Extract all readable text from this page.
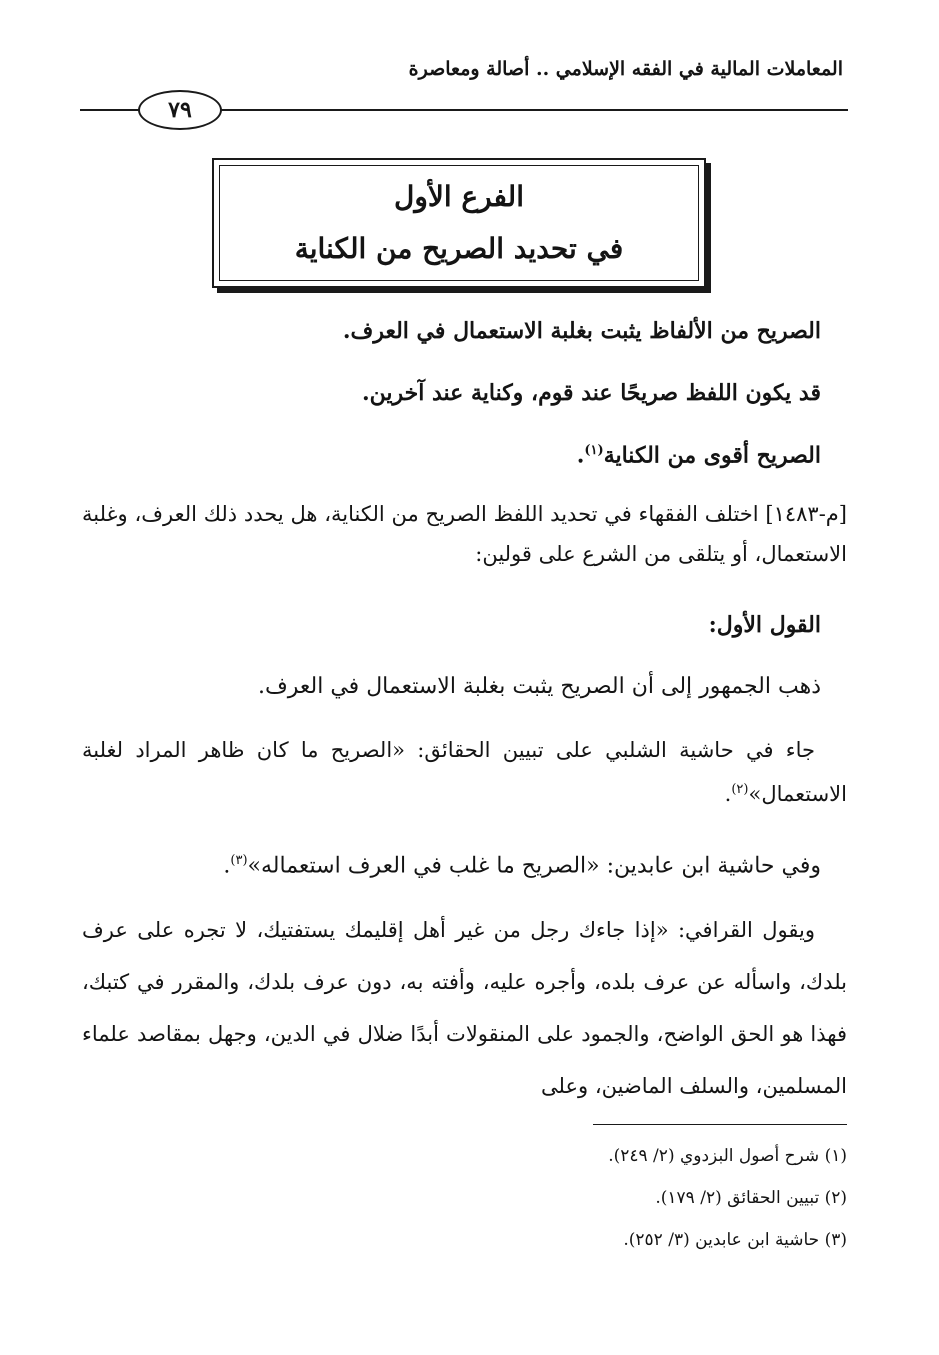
المعاملات المالية في الفقه الإسلامي .. أصالة ومعاصرة
٧٩
الفرع الأول
في تحديد الصريح من الكناية
الصريح من الألفاظ يثبت بغلبة الاستعمال في العرف.
قد يكون اللفظ صريحًا عند قوم، وكناية عند آخرين.
الصريح أقوى من الكناية$^{(١)}$.
[م-١٤٨٣] اختلف الفقهاء في تحديد اللفظ الصريح من الكناية، هل يحدد ذلك العرف، وغلبة الاستعمال، أو يتلقى من الشرع على قولين:
القول الأول:
ذهب الجمهور إلى أن الصريح يثبت بغلبة الاستعمال في العرف.
جاء في حاشية الشلبي على تبيين الحقائق: «الصريح ما كان ظاهر المراد لغلبة الاستعمال»$^{(٢)}$.
وفي حاشية ابن عابدين: «الصريح ما غلب في العرف استعماله»$^{(٣)}$.
ويقول القرافي: «إذا جاءك رجل من غير أهل إقليمك يستفتيك، لا تجره على عرف بلدك، واسأله عن عرف بلده، وأجره عليه، وأفته به، دون عرف بلدك، والمقرر في كتبك، فهذا هو الحق الواضح، والجمود على المنقولات أبدًا ضلال في الدين، وجهل بمقاصد علماء المسلمين، والسلف الماضين، وعلى
(١) شرح أصول البزدوي (٢/ ٢٤٩).
(٢) تبيين الحقائق (٢/ ١٧٩).
(٣) حاشية ابن عابدين (٣/ ٢٥٢).
